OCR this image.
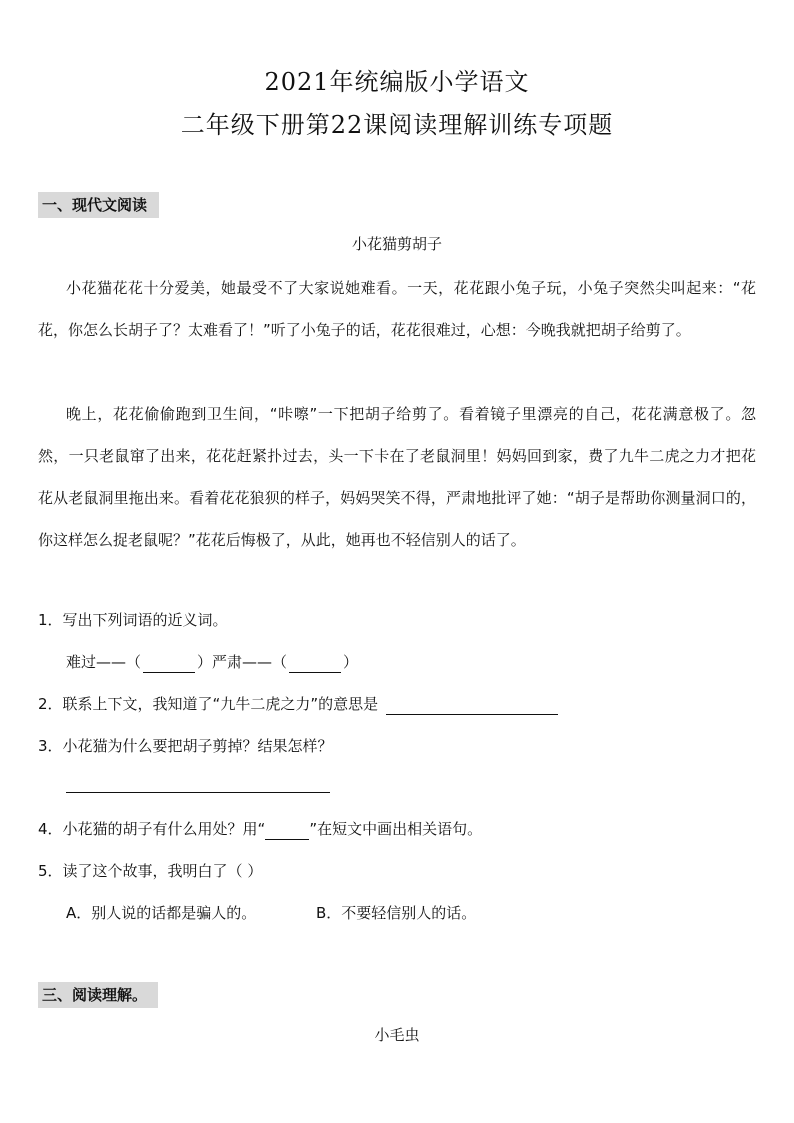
2021年统编版小学语文
二年级下册第22课阅读理解训练专项题
一、现代文阅读
小花猫剪胡子

小花猫花花十分爱美，她最受不了大家说她难看。一天，花花跟小兔子玩，小兔子突然尖叫起来：“花花，你怎么长胡子了？太难看了！”听了小兔子的话，花花很难过，心想：今晚我就把胡子给剪了。

晚上，花花偷偷跑到卫生间，“咔嚓”一下把胡子给剪了。看着镜子里漂亮的自己，花花满意极了。忽然，一只老鼠窜了出来，花花赶紧扑过去，头一下卡在了老鼠洞里！妈妈回到家，费了九牛二虎之力才把花花从老鼠洞里拖出来。看着花花狼狈的样子，妈妈哭笑不得，严肃地批评了她：“胡子是帮助你测量洞口的，你这样怎么捉老鼠呢？”花花后悔极了，从此，她再也不轻信别人的话了。

1．写出下列词语的近义词。
难过——（	）严肃——（	）
2．联系上下文，我知道了“九牛二虎之力”的意思是
3．小花猫为什么要把胡子剪掉？结果怎样？
4．小花猫的胡子有什么用处？用“	”在短文中画出相关语句。
5．读了这个故事，我明白了（ ）
A．别人说的话都是骗人的。	B．不要轻信别人的话。
三、阅读理解。
小毛虫
